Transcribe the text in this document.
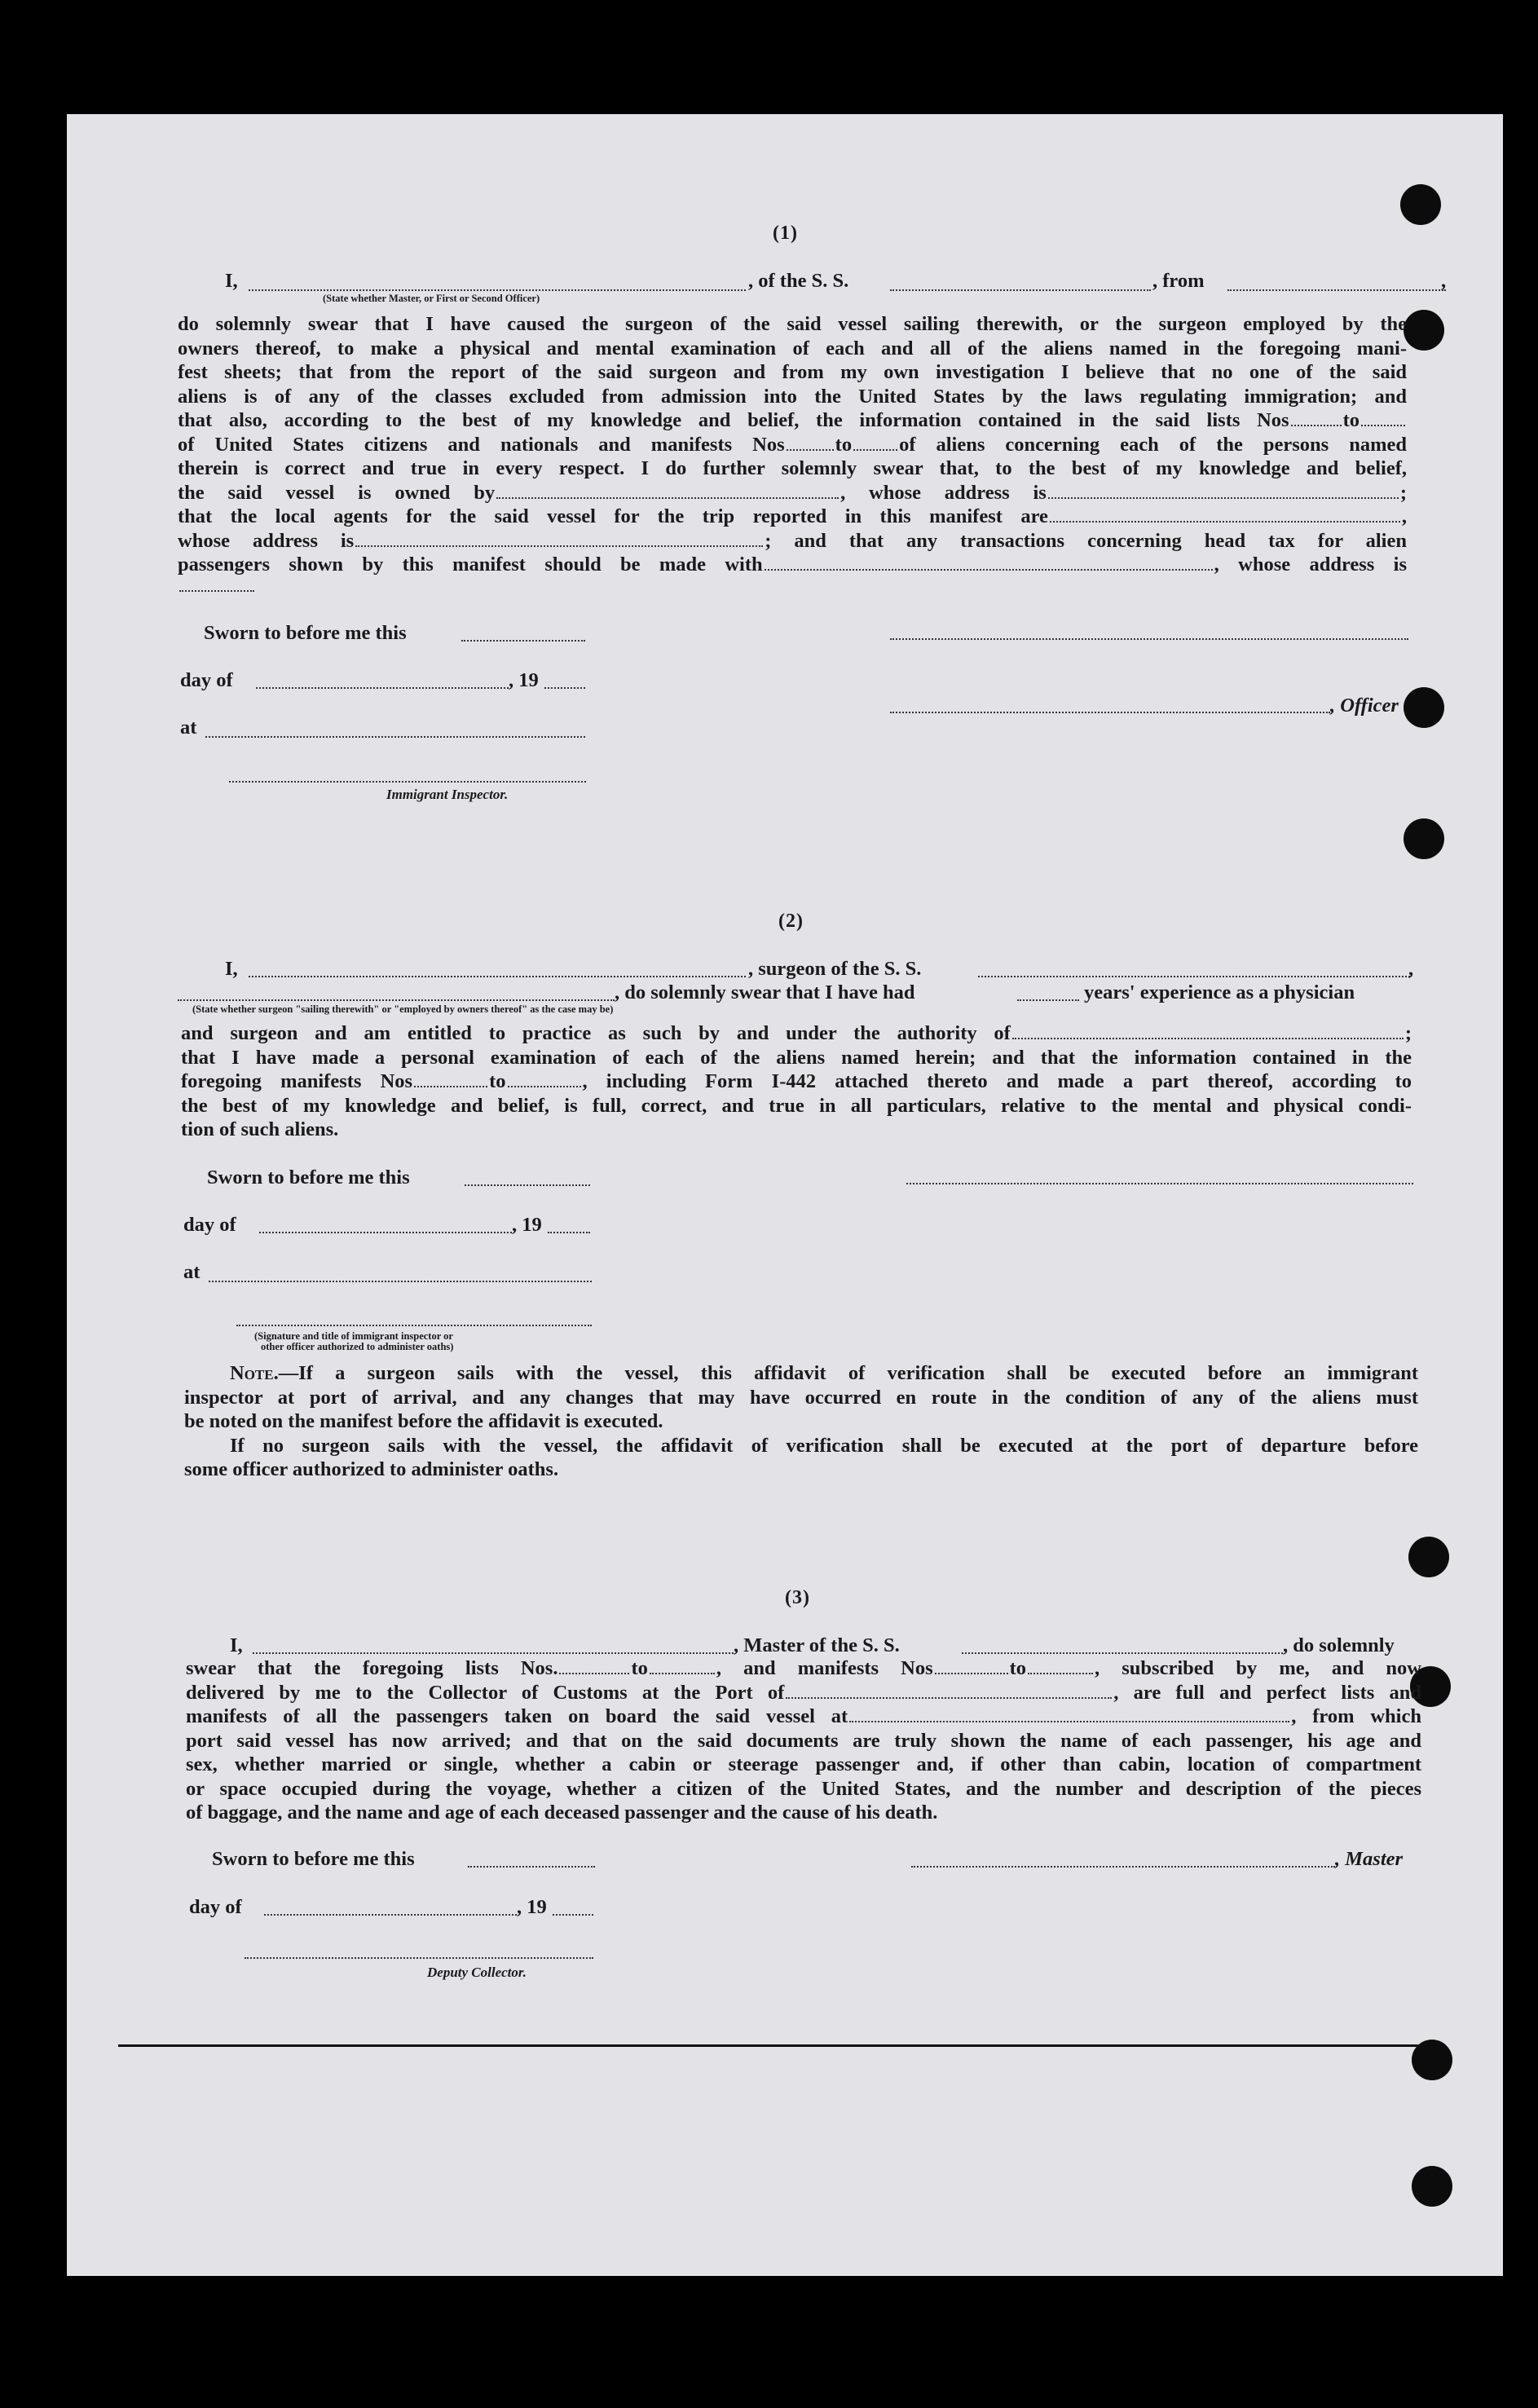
(1)
I,	, of the S. S.	, from	,
(State whether Master, or First or Second Officer)
do solemnly swear that I have caused the surgeon of the said vessel sailing therewith, or the surgeon employed by the
owners thereof, to make a physical and mental examination of each and all of the aliens named in the foregoing mani-
fest sheets; that from the report of the said surgeon and from my own investigation I believe that no one of the said
aliens is of any of the classes excluded from admission into the United States by the laws regulating immigration; and
that also, according to the best of my knowledge and belief, the information contained in the said lists Nos	to
of United States citizens and nationals and manifests Nos	to of aliens concerning each of the persons named
therein is correct and true in every respect. I do further solemnly swear that, to the best of my knowledge and belief,
the said vessel is owned by	, whose address is	;
that the local agents for the said vessel for the trip reported in this manifest are	,
whose address is	; and that any transactions concerning head tax for alien
passengers shown by this manifest should be made with	, whose address is
Sworn to before me this
day of	, 19
, Officer
at
Immigrant Inspector.
(2)
I,	, surgeon of the S. S.	,
, do solemnly swear that I have had	years' experience as a physician
(State whether surgeon "sailing therewith" or "employed by owners thereof" as the case may be)
and surgeon and am entitled to practice as such by and under the authority of	;
that I have made a personal examination of each of the aliens named herein; and that the information contained in the
foregoing manifests Nos	to	, including Form I-442 attached thereto and made a part thereof, according to
the best of my knowledge and belief, is full, correct, and true in all particulars, relative to the mental and physical condi-
tion of such aliens.
Sworn to before me this
day of	, 19
at
(Signature and title of immigrant inspector or
other officer authorized to administer oaths)
Note.—If a surgeon sails with the vessel, this affidavit of verification shall be executed before an immigrant
inspector at port of arrival, and any changes that may have occurred en route in the condition of any of the aliens must
be noted on the manifest before the affidavit is executed.
If no surgeon sails with the vessel, the affidavit of verification shall be executed at the port of departure before
some officer authorized to administer oaths.
(3)
I,	, Master of the S. S.	, do solemnly
swear that the foregoing lists Nos.	to	, and manifests Nos	to	, subscribed by me, and now
delivered by me to the Collector of Customs at the Port of	, are full and perfect lists and
manifests of all the passengers taken on board the said vessel at	, from which
port said vessel has now arrived; and that on the said documents are truly shown the name of each passenger, his age and
sex, whether married or single, whether a cabin or steerage passenger and, if other than cabin, location of compartment
or space occupied during the voyage, whether a citizen of the United States, and the number and description of the pieces
of baggage, and the name and age of each deceased passenger and the cause of his death.
Sworn to before me this	, Master
day of	, 19
Deputy Collector.
